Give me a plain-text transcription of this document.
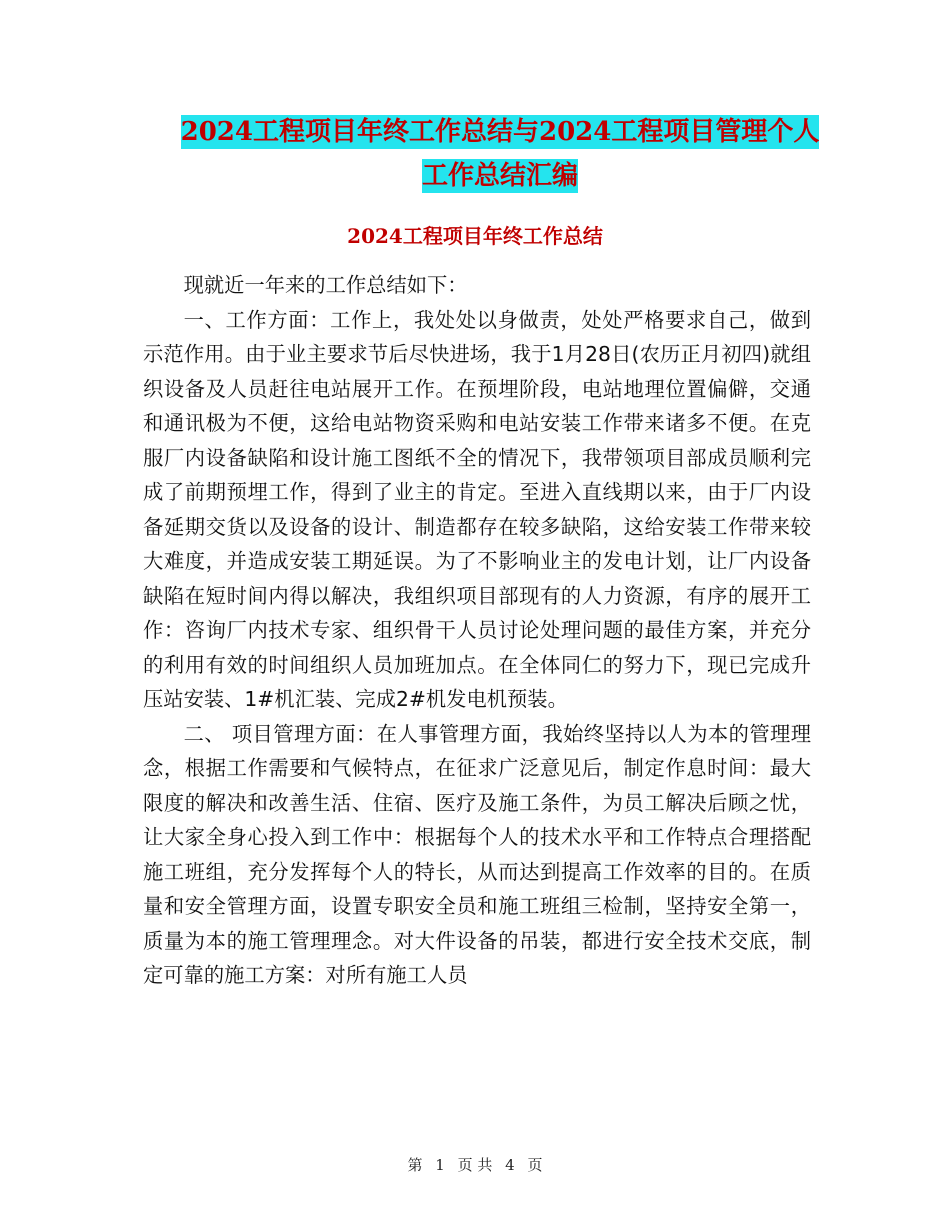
2024工程项目年终工作总结与2024工程项目管理个人
工作总结汇编
2024工程项目年终工作总结

现就近一年来的工作总结如下：

一、工作方面：工作上，我处处以身做责，处处严格要求自己，做到示范作用。由于业主要求节后尽快进场，我于1月28日(农历正月初四)就组织设备及人员赶往电站展开工作。在预埋阶段，电站地理位置偏僻，交通和通讯极为不便，这给电站物资采购和电站安装工作带来诸多不便。在克服厂内设备缺陷和设计施工图纸不全的情况下，我带领项目部成员顺利完成了前期预埋工作，得到了业主的肯定。至进入直线期以来，由于厂内设备延期交货以及设备的设计、制造都存在较多缺陷，这给安装工作带来较大难度，并造成安装工期延误。为了不影响业主的发电计划，让厂内设备缺陷在短时间内得以解决，我组织项目部现有的人力资源，有序的展开工作：咨询厂内技术专家、组织骨干人员讨论处理问题的最佳方案，并充分的利用有效的时间组织人员加班加点。在全体同仁的努力下，现已完成升压站安装、1#机汇装、完成2#机发电机预装。

二、 项目管理方面：在人事管理方面，我始终坚持以人为本的管理理念，根据工作需要和气候特点，在征求广泛意见后，制定作息时间：最大限度的解决和改善生活、住宿、医疗及施工条件，为员工解决后顾之忧，让大家全身心投入到工作中：根据每个人的技术水平和工作特点合理搭配施工班组，充分发挥每个人的特长，从而达到提高工作效率的目的。在质量和安全管理方面，设置专职安全员和施工班组三检制，坚持安全第一，质量为本的施工管理理念。对大件设备的吊装，都进行安全技术交底，制定可靠的施工方案：对所有施工人员

第 1 页 共 4 页
